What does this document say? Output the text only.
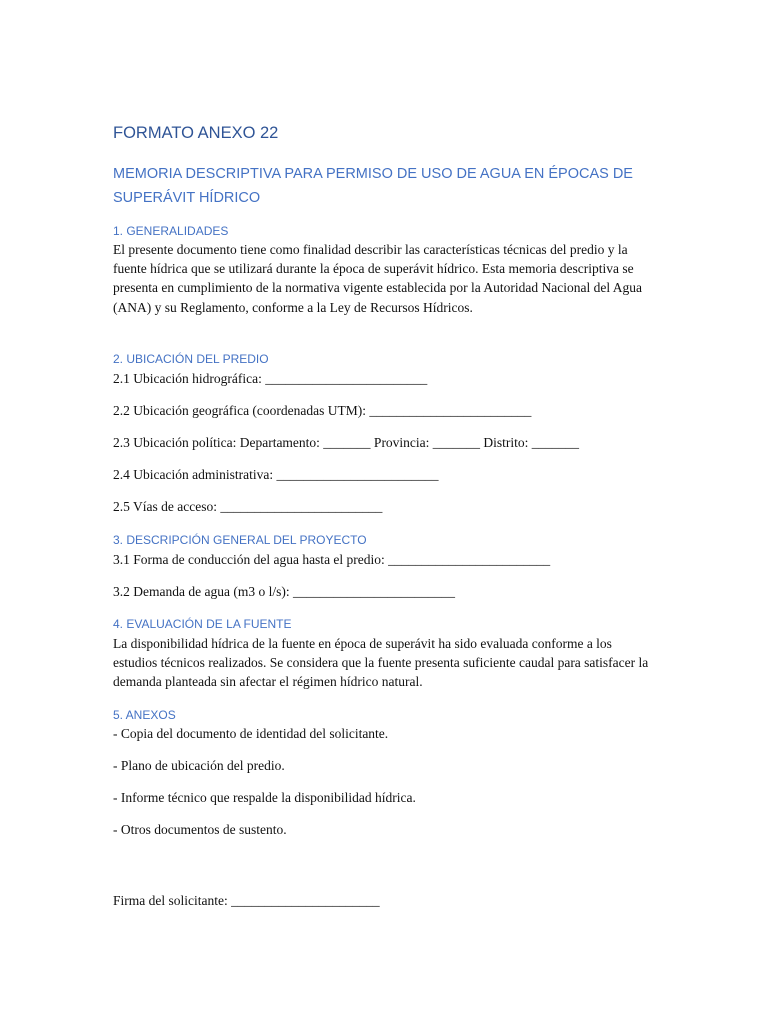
FORMATO ANEXO 22
MEMORIA DESCRIPTIVA PARA PERMISO DE USO DE AGUA EN ÉPOCAS DE SUPERÁVIT HÍDRICO
1. GENERALIDADES

El presente documento tiene como finalidad describir las características técnicas del predio y la fuente hídrica que se utilizará durante la época de superávit hídrico. Esta memoria descriptiva se presenta en cumplimiento de la normativa vigente establecida por la Autoridad Nacional del Agua (ANA) y su Reglamento, conforme a la Ley de Recursos Hídricos.

2. UBICACIÓN DEL PREDIO

2.1 Ubicación hidrográfica: ________________________

2.2 Ubicación geográfica (coordenadas UTM): ________________________

2.3 Ubicación política: Departamento: _______ Provincia: _______ Distrito: _______

2.4 Ubicación administrativa: ________________________

2.5 Vías de acceso: ________________________

3. DESCRIPCIÓN GENERAL DEL PROYECTO

3.1 Forma de conducción del agua hasta el predio: ________________________

3.2 Demanda de agua (m3 o l/s): ________________________

4. EVALUACIÓN DE LA FUENTE

La disponibilidad hídrica de la fuente en época de superávit ha sido evaluada conforme a los estudios técnicos realizados. Se considera que la fuente presenta suficiente caudal para satisfacer la demanda planteada sin afectar el régimen hídrico natural.

5. ANEXOS

- Copia del documento de identidad del solicitante.

- Plano de ubicación del predio.

- Informe técnico que respalde la disponibilidad hídrica.

- Otros documentos de sustento.

Firma del solicitante: ______________________
